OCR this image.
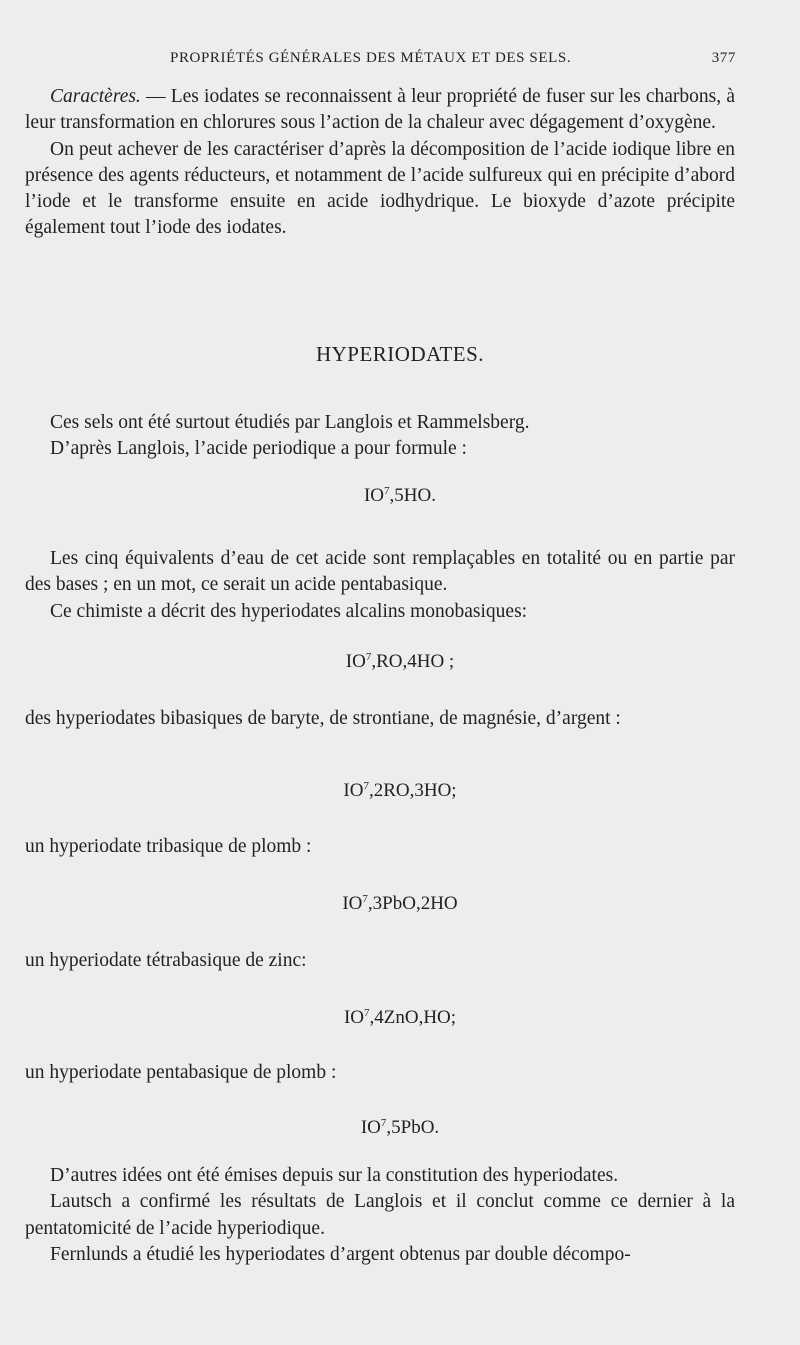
PROPRIÉTÉS GÉNÉRALES DES MÉTAUX ET DES SELS.	377

Caractères. — Les iodates se reconnaissent à leur propriété de fuser sur les charbons, à leur transformation en chlorures sous l’action de la chaleur avec dégagement d’oxygène.

On peut achever de les caractériser d’après la décomposition de l’acide iodique libre en présence des agents réducteurs, et notamment de l’acide sulfureux qui en précipite d’abord l’iode et le transforme ensuite en acide iodhydrique. Le bioxyde d’azote précipite également tout l’iode des iodates.

HYPERIODATES.

Ces sels ont été surtout étudiés par Langlois et Rammelsberg.

D’après Langlois, l’acide periodique a pour formule :

$IO^7,5HO$.

Les cinq équivalents d’eau de cet acide sont remplaçables en totalité ou en partie par des bases ; en un mot, ce serait un acide pentabasique.

Ce chimiste a décrit des hyperiodates alcalins monobasiques:

$IO^7,RO,4HO$ ;

des hyperiodates bibasiques de baryte, de strontiane, de magnésie, d’argent :

$IO^7,2RO,3HO$;

un hyperiodate tribasique de plomb :

$IO^7,3PbO,2HO$

un hyperiodate tétrabasique de zinc:

$IO^7,4ZnO,HO$;

un hyperiodate pentabasique de plomb :

$IO^7,5PbO$.

D’autres idées ont été émises depuis sur la constitution des hyperiodates.

Lautsch a confirmé les résultats de Langlois et il conclut comme ce dernier à la pentatomicité de l’acide hyperiodique.

Fernlunds a étudié les hyperiodates d’argent obtenus par double décompo-
